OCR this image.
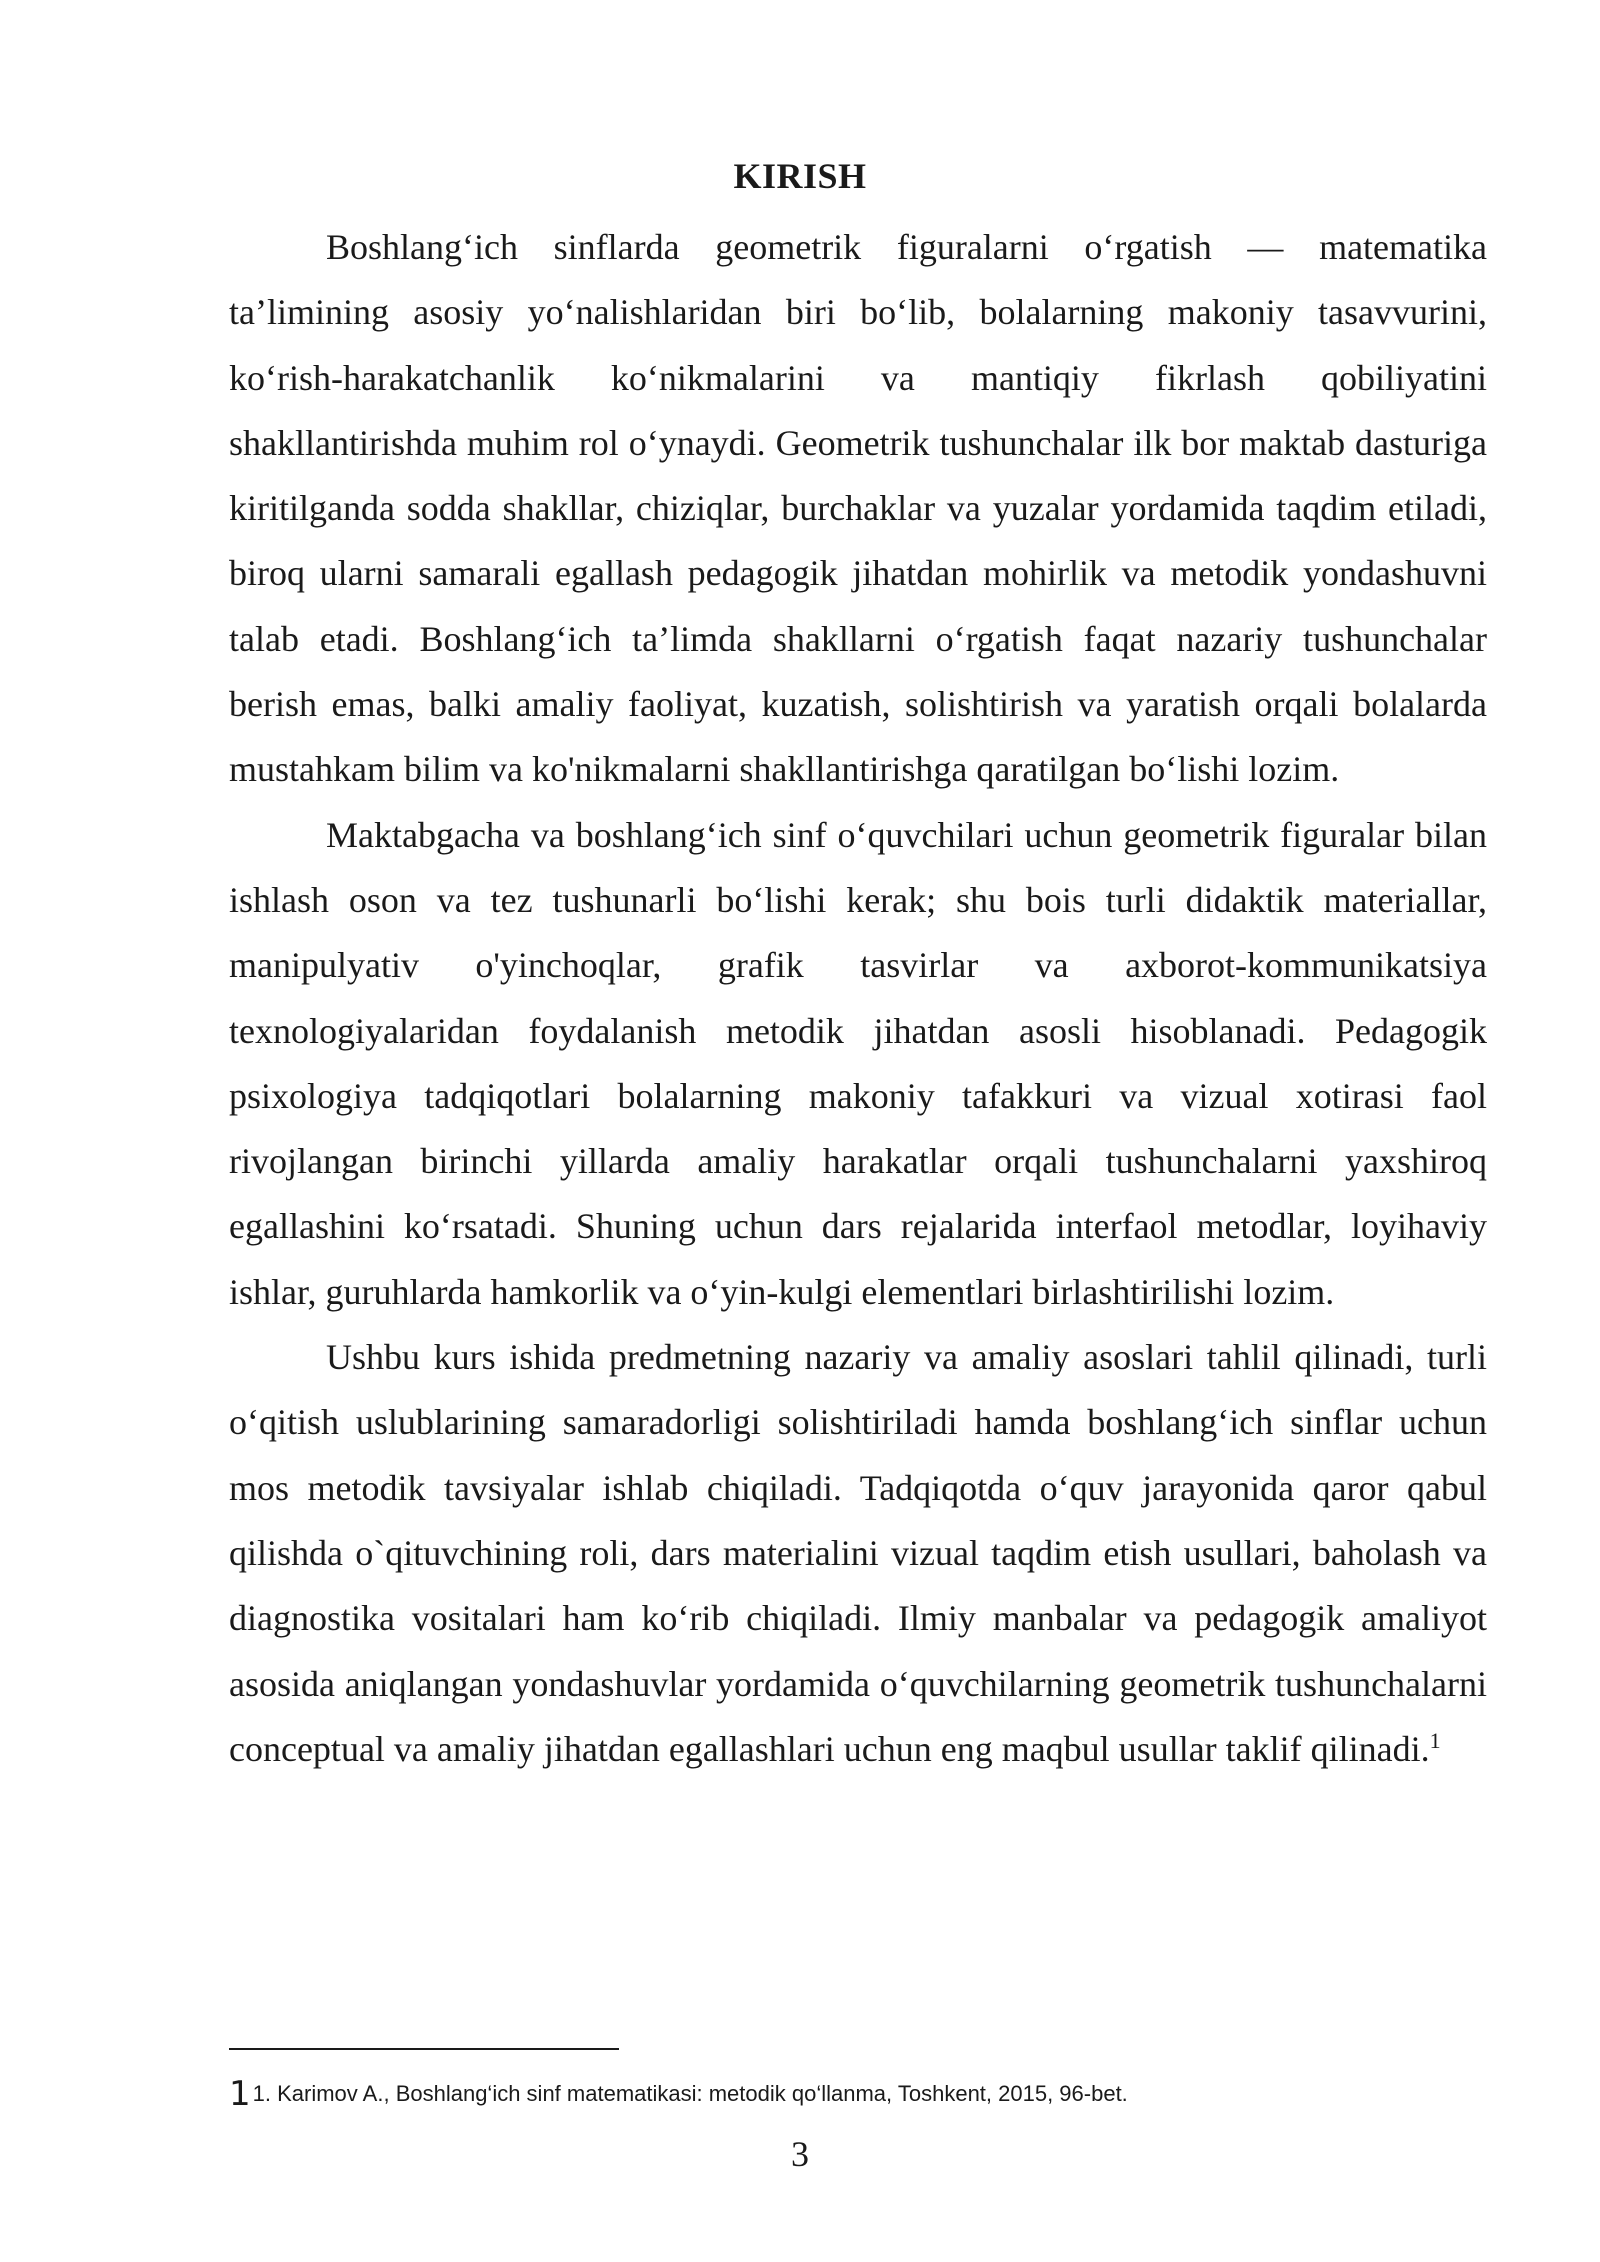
KIRISH

Boshlang‘ich sinflarda geometrik figuralarni o‘rgatish — matematika ta’limining asosiy yo‘nalishlaridan biri bo‘lib, bolalarning makoniy tasavvurini, ko‘rish-harakatchanlik ko‘nikmalarini va mantiqiy fikrlash qobiliyatini shakllantirishda muhim rol o‘ynaydi. Geometrik tushunchalar ilk bor maktab dasturiga kiritilganda sodda shakllar, chiziqlar, burchaklar va yuzalar yordamida taqdim etiladi, biroq ularni samarali egallash pedagogik jihatdan mohirlik va metodik yondashuvni talab etadi. Boshlang‘ich ta’limda shakllarni o‘rgatish faqat nazariy tushunchalar berish emas, balki amaliy faoliyat, kuzatish, solishtirish va yaratish orqali bolalarda mustahkam bilim va ko'nikmalarni shakllantirishga qaratilgan bo‘lishi lozim.

Maktabgacha va boshlang‘ich sinf o‘quvchilari uchun geometrik figuralar bilan ishlash oson va tez tushunarli bo‘lishi kerak; shu bois turli didaktik materiallar, manipulyativ o'yinchoqlar, grafik tasvirlar va axborot-kommunikatsiya texnologiyalaridan foydalanish metodik jihatdan asosli hisoblanadi. Pedagogik psixologiya tadqiqotlari bolalarning makoniy tafakkuri va vizual xotirasi faol rivojlangan birinchi yillarda amaliy harakatlar orqali tushunchalarni yaxshiroq egallashini ko‘rsatadi. Shuning uchun dars rejalarida interfaol metodlar, loyihaviy ishlar, guruhlarda hamkorlik va o‘yin-kulgi elementlari birlashtirilishi lozim.

Ushbu kurs ishida predmetning nazariy va amaliy asoslari tahlil qilinadi, turli o‘qitish uslublarining samaradorligi solishtiriladi hamda boshlang‘ich sinflar uchun mos metodik tavsiyalar ishlab chiqiladi. Tadqiqotda o‘quv jarayonida qaror qabul qilishda o`qituvchining roli, dars materialini vizual taqdim etish usullari, baholash va diagnostika vositalari ham ko‘rib chiqiladi. Ilmiy manbalar va pedagogik amaliyot asosida aniqlangan yondashuvlar yordamida o‘quvchilarning geometrik tushunchalarni conceptual va amaliy jihatdan egallashlari uchun eng maqbul usullar taklif qilinadi.$^1$

11. Karimov A., Boshlang‘ich sinf matematikasi: metodik qo‘llanma, Toshkent, 2015, 96-bet.
3
